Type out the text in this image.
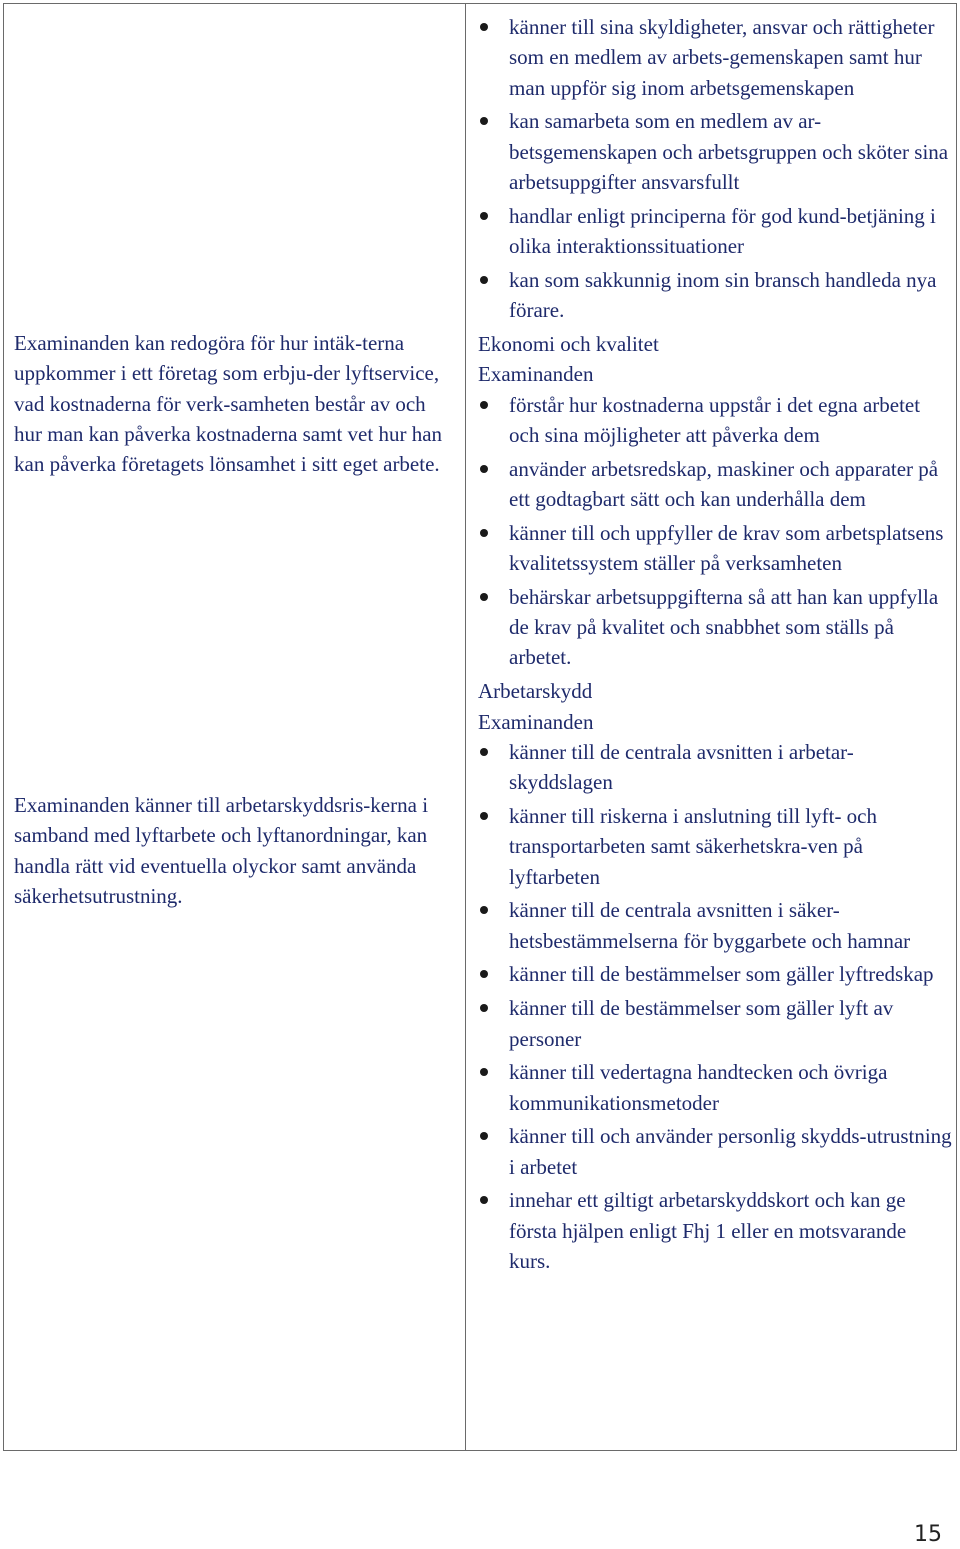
Examinanden kan redogöra för hur intäk-terna uppkommer i ett företag som erbju-der lyftservice, vad kostnaderna för verk-samheten består av och hur man kan påverka kostnaderna samt vet hur han kan påverka företagets lönsamhet i sitt eget arbete.
Examinanden känner till arbetarskyddsris-kerna i samband med lyftarbete och lyftanordningar, kan handla rätt vid eventuella olyckor samt använda säkerhetsutrustning.
känner till sina skyldigheter, ansvar och rättigheter som en medlem av arbets-gemenskapen samt hur man uppför sig inom arbetsgemenskapen
kan samarbeta som en medlem av ar-betsgemenskapen och arbetsgruppen och sköter sina arbetsuppgifter ansvarsfullt
handlar enligt principerna för god kund-betjäning i olika interaktionssituationer
kan som sakkunnig inom sin bransch handleda nya förare.
Ekonomi och kvalitet
Examinanden
förstår hur kostnaderna uppstår i det egna arbetet och sina möjligheter att påverka dem
använder arbetsredskap, maskiner och apparater på ett godtagbart sätt och kan underhålla dem
känner till och uppfyller de krav som arbetsplatsens kvalitetssystem ställer på verksamheten
behärskar arbetsuppgifterna så att han kan uppfylla de krav på kvalitet och snabbhet som ställs på arbetet.
Arbetarskydd
Examinanden
känner till de centrala avsnitten i arbetar-skyddslagen
känner till riskerna i anslutning till lyft- och transportarbeten samt säkerhetskra-ven på lyftarbeten
känner till de centrala avsnitten i säker-hetsbestämmelserna för byggarbete och hamnar
känner till de bestämmelser som gäller lyftredskap
känner till de bestämmelser som gäller lyft av personer
känner till vedertagna handtecken och övriga kommunikationsmetoder
känner till och använder personlig skydds-utrustning i arbetet
innehar ett giltigt arbetarskyddskort och kan ge första hjälpen enligt Fhj 1 eller en motsvarande kurs.
15
